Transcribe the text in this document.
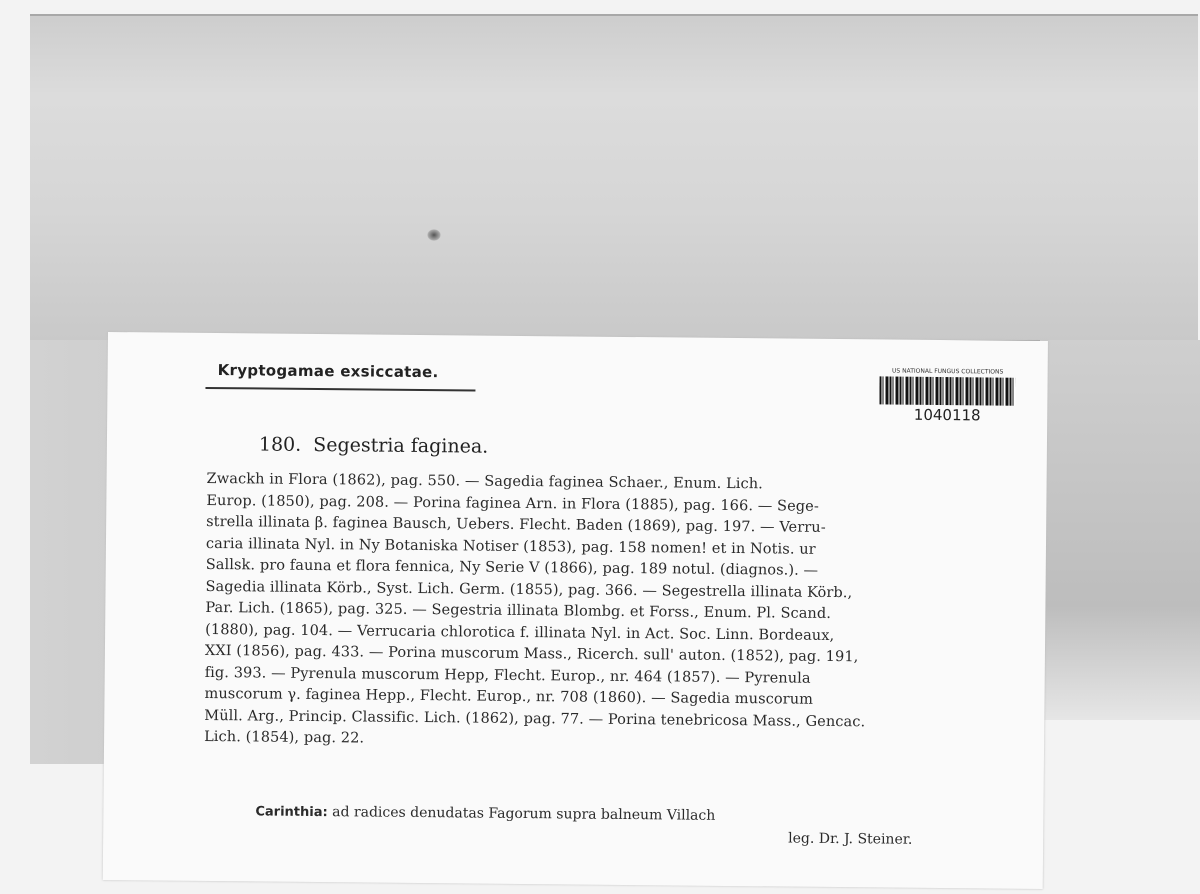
Kryptogamae exsiccatae.	US NATIONAL FUNGUS COLLECTIONS
1040118
180. Segestria faginea.
Zwackh in Flora (1862), pag. 550. — Sagedia faginea Schaer., Enum. Lich.
Europ. (1850), pag. 208. — Porina faginea Arn. in Flora (1885), pag. 166. — Sege-
strella illinata β. faginea Bausch, Uebers. Flecht. Baden (1869), pag. 197. — Verru-
caria illinata Nyl. in Ny Botaniska Notiser (1853), pag. 158 nomen! et in Notis. ur
Sallsk. pro fauna et flora fennica, Ny Serie V (1866), pag. 189 notul. (diagnos.). —
Sagedia illinata Körb., Syst. Lich. Germ. (1855), pag. 366. — Segestrella illinata Körb.,
Par. Lich. (1865), pag. 325. — Segestria illinata Blombg. et Forss., Enum. Pl. Scand.
(1880), pag. 104. — Verrucaria chlorotica f. illinata Nyl. in Act. Soc. Linn. Bordeaux,
XXI (1856), pag. 433. — Porina muscorum Mass., Ricerch. sull' auton. (1852), pag. 191,
fig. 393. — Pyrenula muscorum Hepp, Flecht. Europ., nr. 464 (1857). — Pyrenula
muscorum γ. faginea Hepp., Flecht. Europ., nr. 708 (1860). — Sagedia muscorum
Müll. Arg., Princip. Classific. Lich. (1862), pag. 77. — Porina tenebricosa Mass., Gencac.
Lich. (1854), pag. 22.
Carinthia: ad radices denudatas Fagorum supra balneum Villach
leg. Dr. J. Steiner.
